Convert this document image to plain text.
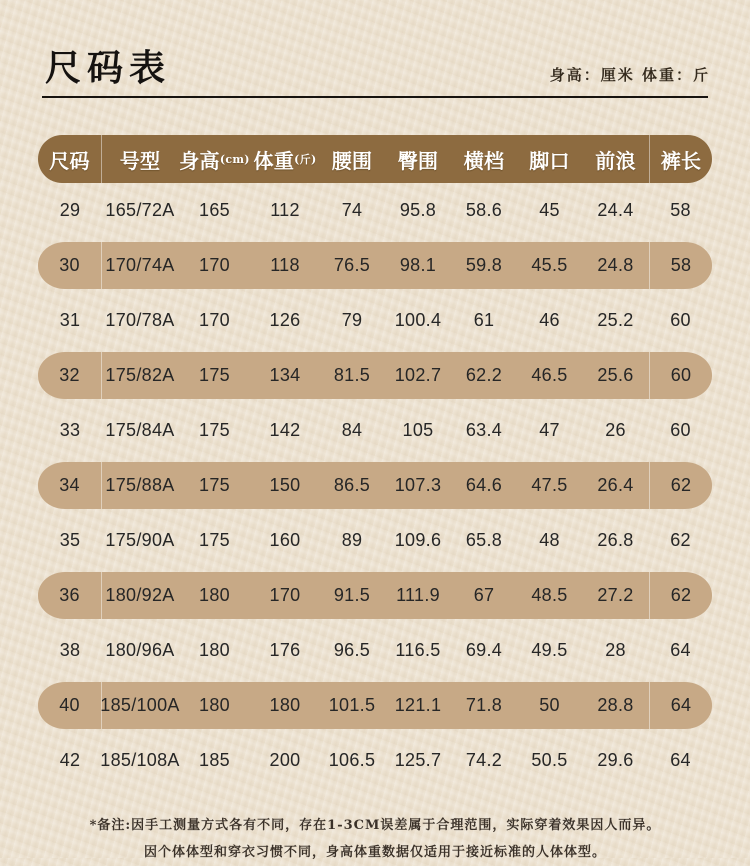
尺码表	身高：厘米 体重：斤
尺码 号型 身高 (cm) 体重 (斤) 腰围 臀围 横档 脚口 前浪 裤长
29	165/72A	165	112	74	95.8	58.6	45	24.4	58
30	170/74A	170	118	76.5	98.1	59.8	45.5	24.8	58
31	170/78A	170	126	79	100.4	61	46	25.2	60
32	175/82A	175	134	81.5	102.7	62.2	46.5	25.6	60
33	175/84A	175	142	84	105	63.4	47	26	60
34	175/88A	175	150	86.5	107.3	64.6	47.5	26.4	62
35	175/90A	175	160	89	109.6	65.8	48	26.8	62
36	180/92A	180	170	91.5	111.9	67	48.5	27.2	62
38	180/96A	180	176	96.5	116.5	69.4	49.5	28	64
40	185/100A	180	180	101.5	121.1	71.8	50	28.8	64
42	185/108A	185	200	106.5	125.7	74.2	50.5	29.6	64
*备注:因手工测量方式各有不同，存在1-3CM误差属于合理范围，实际穿着效果因人而异。
因个体体型和穿衣习惯不同，身高体重数据仅适用于接近标准的人体体型。
